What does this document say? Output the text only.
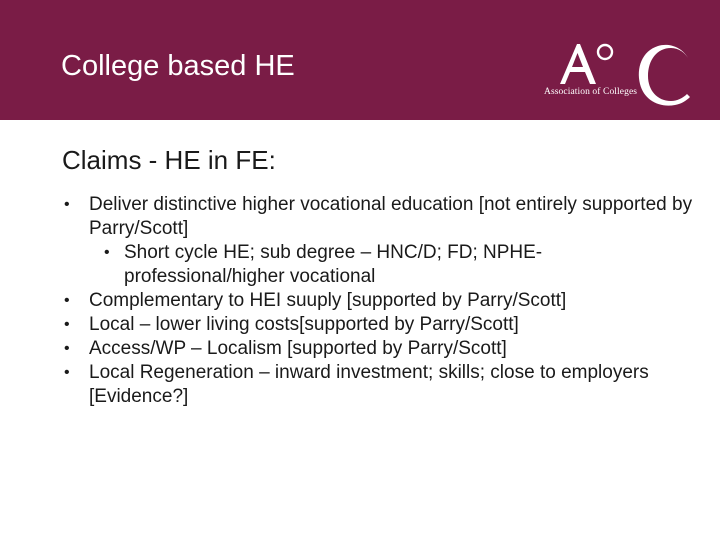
College based HE
Association of Colleges
Claims - HE in FE:
• Deliver distinctive higher vocational education [not entirely supported by Parry/Scott]
• Short cycle HE; sub degree – HNC/D; FD; NPHE-professional/higher vocational
• Complementary to HEI suuply [supported by Parry/Scott]
• Local – lower living costs[supported by Parry/Scott]
• Access/WP – Localism [supported by Parry/Scott]
• Local Regeneration – inward investment; skills; close to employers [Evidence?]
